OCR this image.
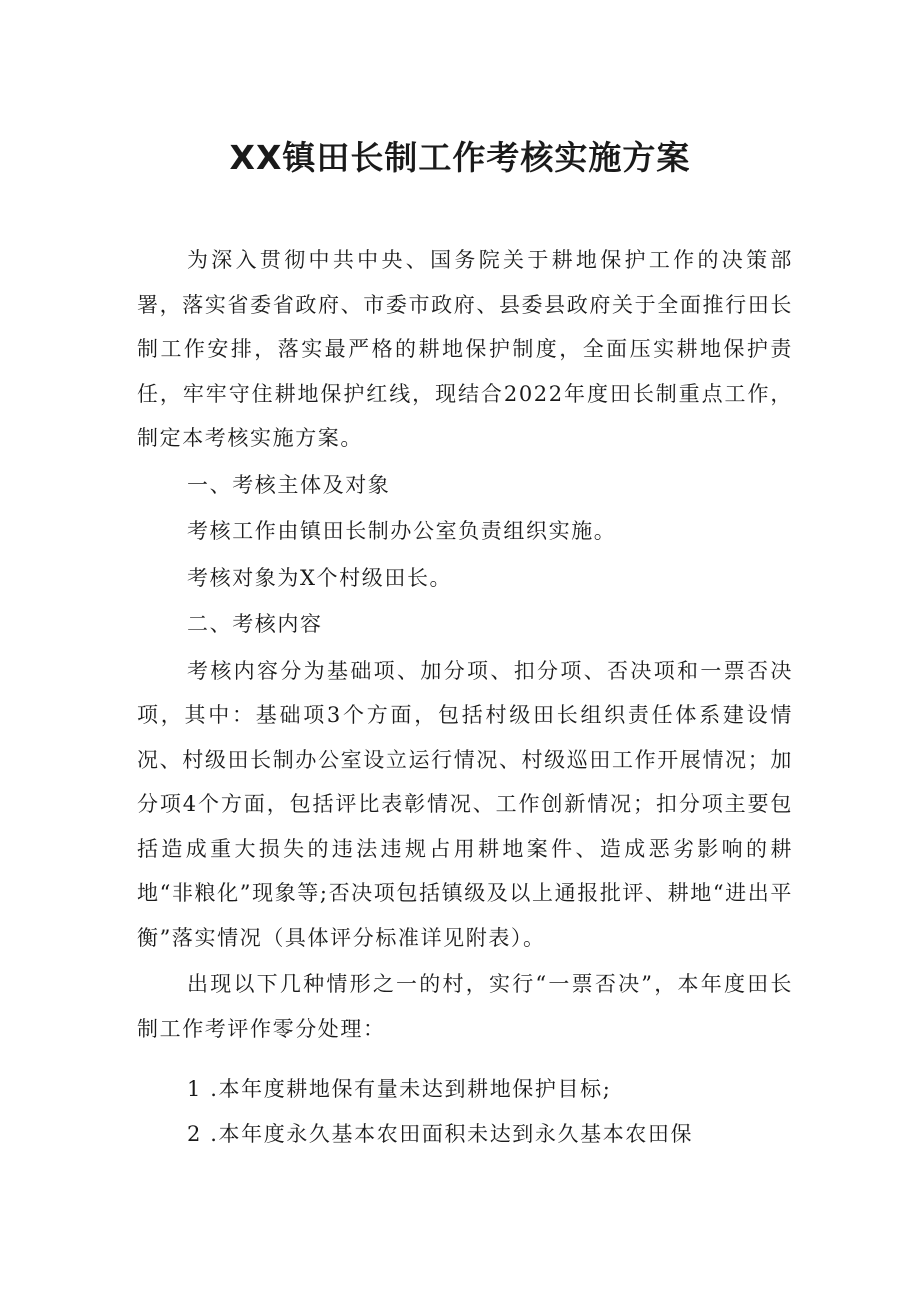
XX镇田长制工作考核实施方案

为深入贯彻中共中央、国务院关于耕地保护工作的决策部署，落实省委省政府、市委市政府、县委县政府关于全面推行田长制工作安排，落实最严格的耕地保护制度，全面压实耕地保护责任，牢牢守住耕地保护红线，现结合2022年度田长制重点工作，制定本考核实施方案。

一、考核主体及对象

考核工作由镇田长制办公室负责组织实施。

考核对象为X个村级田长。

二、考核内容

考核内容分为基础项、加分项、扣分项、否决项和一票否决项，其中：基础项3个方面，包括村级田长组织责任体系建设情况、村级田长制办公室设立运行情况、村级巡田工作开展情况；加分项4个方面，包括评比表彰情况、工作创新情况；扣分项主要包括造成重大损失的违法违规占用耕地案件、造成恶劣影响的耕地“非粮化”现象等;否决项包括镇级及以上通报批评、耕地“进出平衡”落实情况（具体评分标准详见附表）。

出现以下几种情形之一的村，实行“一票否决”，本年度田长制工作考评作零分处理：

1 .本年度耕地保有量未达到耕地保护目标;

2 .本年度永久基本农田面积未达到永久基本农田保
